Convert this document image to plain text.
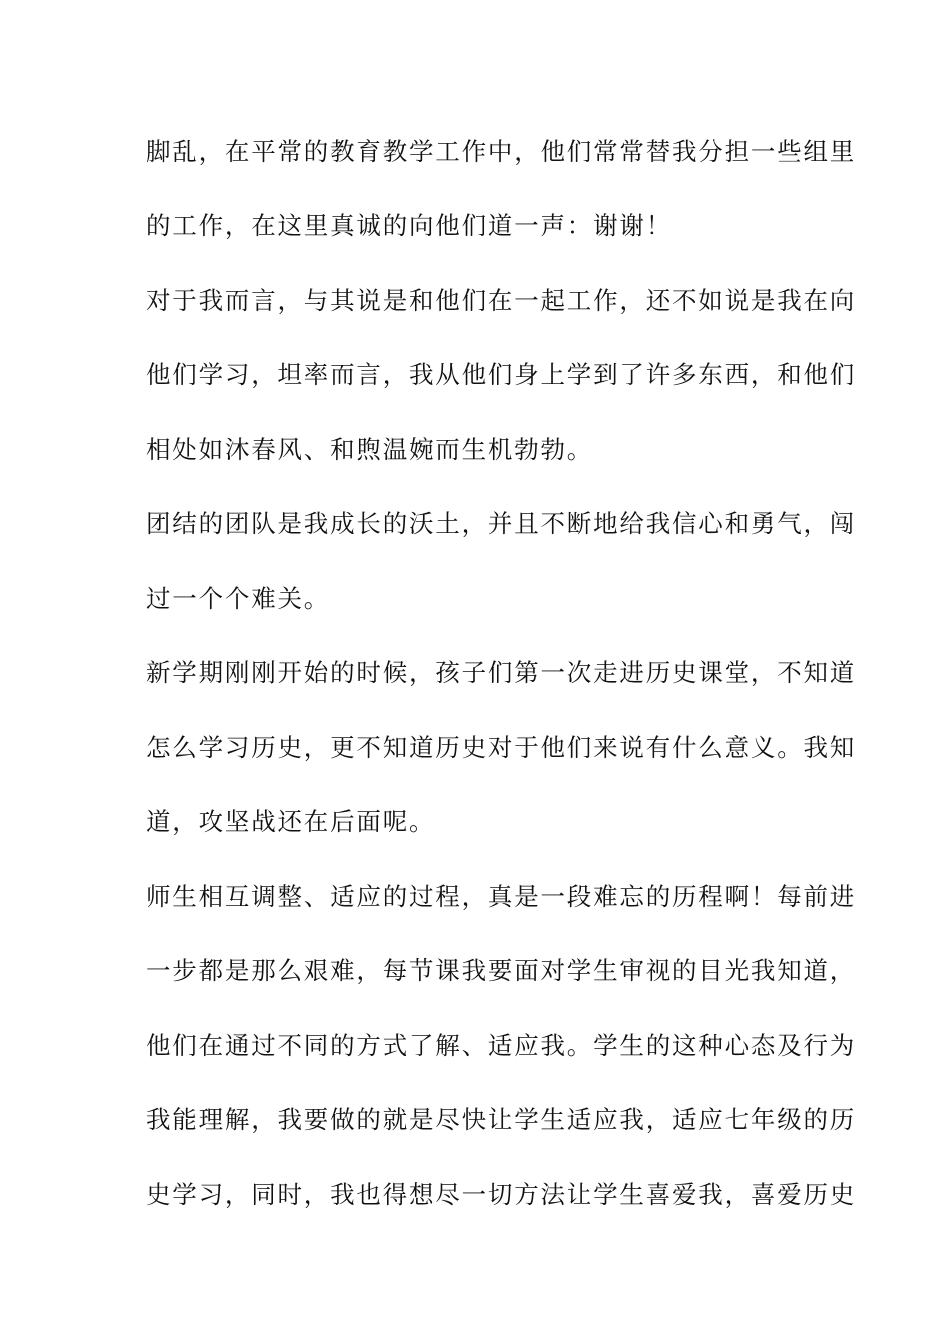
脚乱，在平常的教育教学工作中，他们常常替我分担一些组里
的工作，在这里真诚的向他们道一声：谢谢！
对于我而言，与其说是和他们在一起工作，还不如说是我在向
他们学习，坦率而言，我从他们身上学到了许多东西，和他们
相处如沐春风、和煦温婉而生机勃勃。
团结的团队是我成长的沃土，并且不断地给我信心和勇气，闯
过一个个难关。
新学期刚刚开始的时候，孩子们第一次走进历史课堂，不知道
怎么学习历史，更不知道历史对于他们来说有什么意义。我知
道，攻坚战还在后面呢。
师生相互调整、适应的过程，真是一段难忘的历程啊！每前进
一步都是那么艰难，每节课我要面对学生审视的目光我知道，
他们在通过不同的方式了解、适应我。学生的这种心态及行为
我能理解，我要做的就是尽快让学生适应我，适应七年级的历
史学习，同时，我也得想尽一切方法让学生喜爱我，喜爱历史
